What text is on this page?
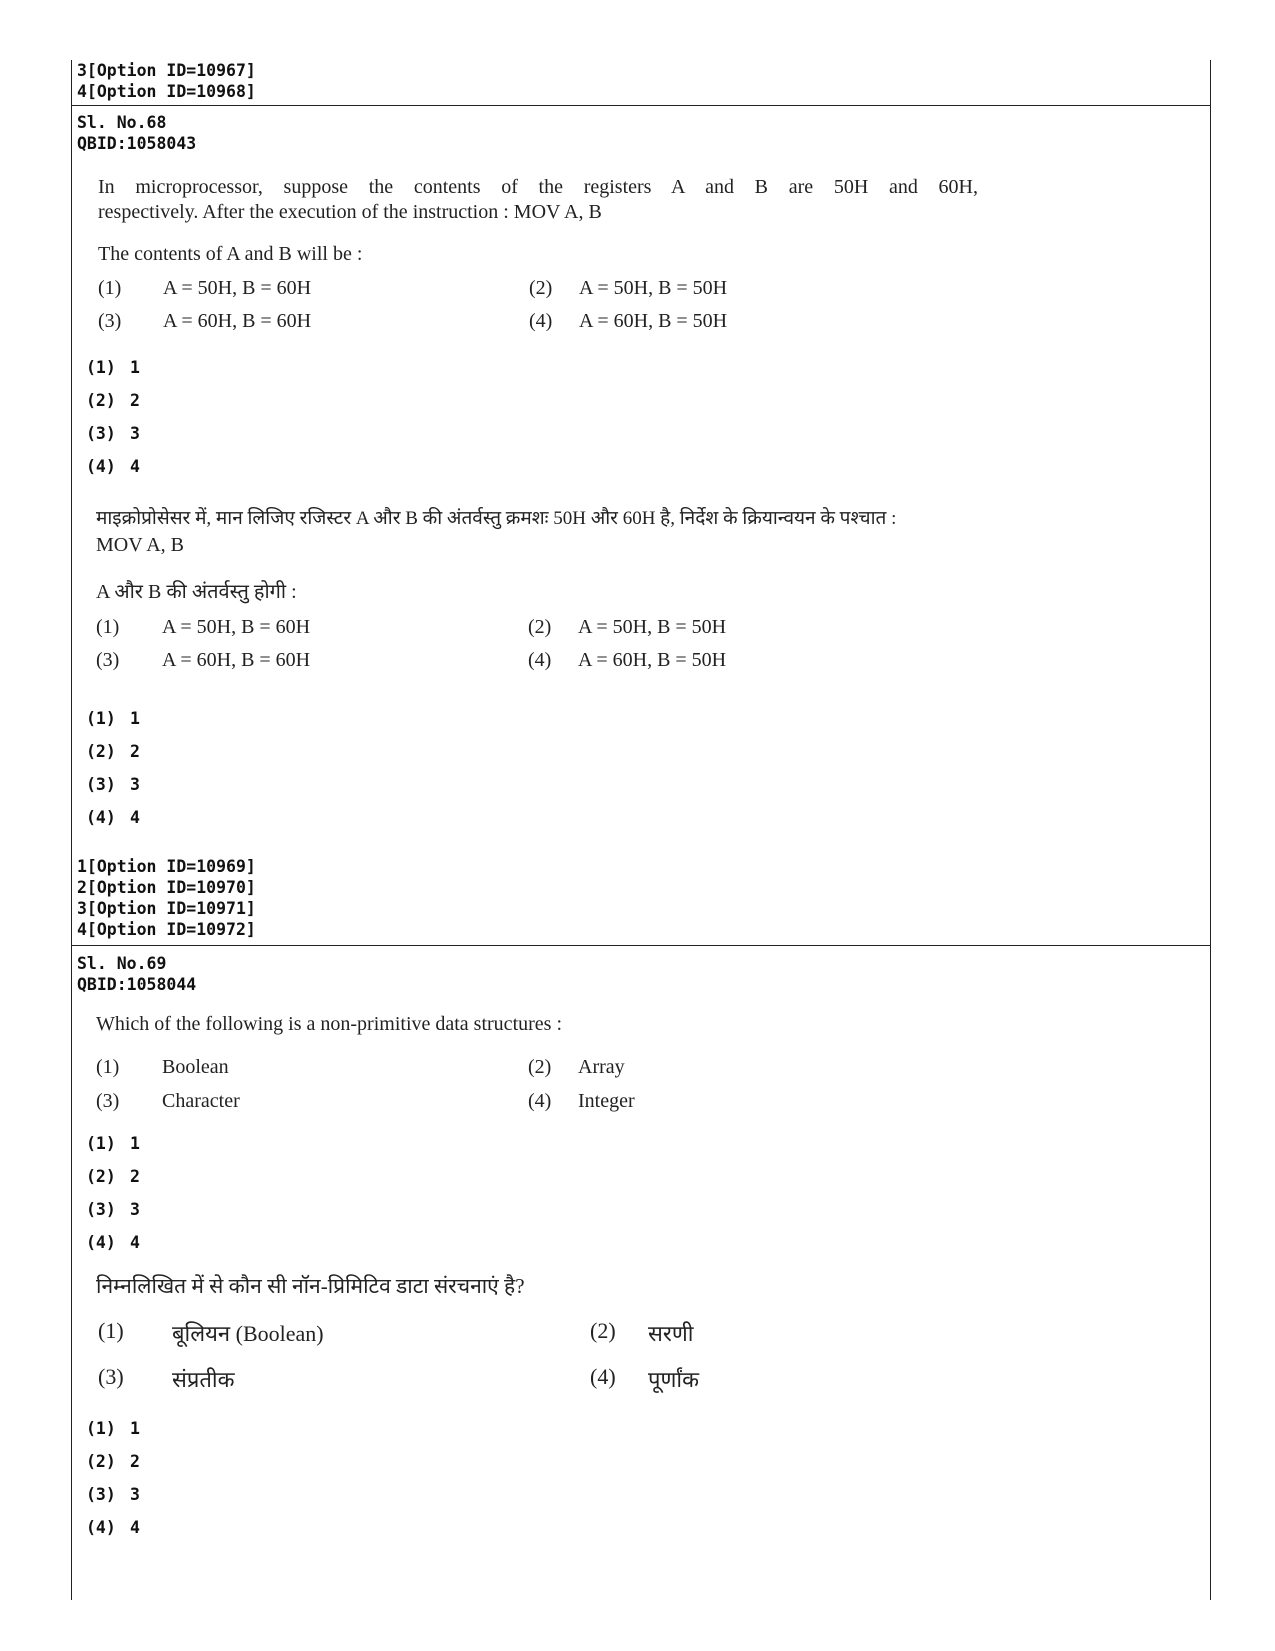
3[Option ID=10967]
4[Option ID=10968]
Sl. No.68
QBID:1058043
In microprocessor, suppose the contents of the registers A and B are 50H and 60H,
respectively. After the execution of the instruction : MOV A, B
The contents of A and B will be :
(1) A = 50H, B = 60H	(2) A = 50H, B = 50H
(3) A = 60H, B = 60H	(4) A = 60H, B = 50H
(1) 1
(2) 2
(3) 3
(4) 4
माइक्रोप्रोसेसर में, मान लिजिए रजिस्टर A और B की अंतर्वस्तु क्रमशः 50H और 60H है, निर्देश के क्रियान्वयन के पश्चात :
MOV A, B
A और B की अंतर्वस्तु होगी :
(1) A = 50H, B = 60H	(2) A = 50H, B = 50H
(3) A = 60H, B = 60H	(4) A = 60H, B = 50H
(1) 1
(2) 2
(3) 3
(4) 4
1[Option ID=10969]
2[Option ID=10970]
3[Option ID=10971]
4[Option ID=10972]
Sl. No.69
QBID:1058044
Which of the following is a non-primitive data structures :
(1) Boolean	(2) Array
(3) Character	(4) Integer
(1) 1
(2) 2
(3) 3
(4) 4
निम्नलिखित में से कौन सी नॉन-प्रिमिटिव डाटा संरचनाएं है?
(1) बूलियन (Boolean)	(2) सरणी
(3) संप्रतीक	(4) पूर्णांक
(1) 1
(2) 2
(3) 3
(4) 4
